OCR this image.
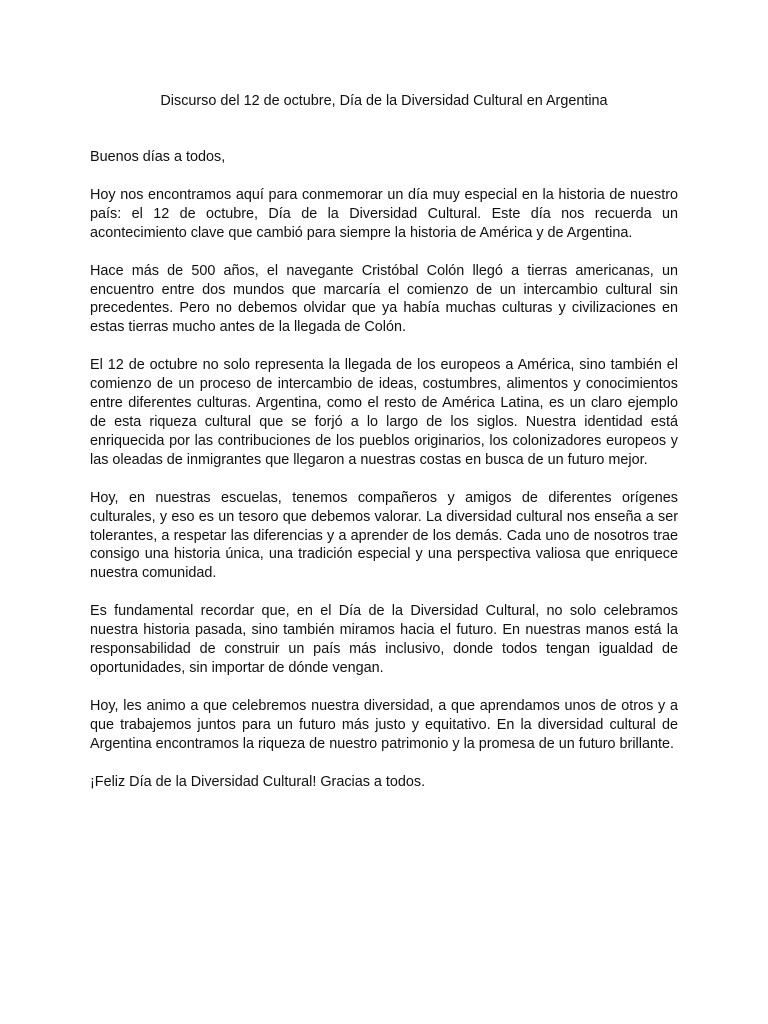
Discurso del 12 de octubre, Día de la Diversidad Cultural en Argentina

Buenos días a todos,

Hoy nos encontramos aquí para conmemorar un día muy especial en la historia de nuestro país: el 12 de octubre, Día de la Diversidad Cultural. Este día nos recuerda un acontecimiento clave que cambió para siempre la historia de América y de Argentina.

Hace más de 500 años, el navegante Cristóbal Colón llegó a tierras americanas, un encuentro entre dos mundos que marcaría el comienzo de un intercambio cultural sin precedentes. Pero no debemos olvidar que ya había muchas culturas y civilizaciones en estas tierras mucho antes de la llegada de Colón.

El 12 de octubre no solo representa la llegada de los europeos a América, sino también el comienzo de un proceso de intercambio de ideas, costumbres, alimentos y conocimientos entre diferentes culturas. Argentina, como el resto de América Latina, es un claro ejemplo de esta riqueza cultural que se forjó a lo largo de los siglos. Nuestra identidad está enriquecida por las contribuciones de los pueblos originarios, los colonizadores europeos y las oleadas de inmigrantes que llegaron a nuestras costas en busca de un futuro mejor.

Hoy, en nuestras escuelas, tenemos compañeros y amigos de diferentes orígenes culturales, y eso es un tesoro que debemos valorar. La diversidad cultural nos enseña a ser tolerantes, a respetar las diferencias y a aprender de los demás. Cada uno de nosotros trae consigo una historia única, una tradición especial y una perspectiva valiosa que enriquece nuestra comunidad.

Es fundamental recordar que, en el Día de la Diversidad Cultural, no solo celebramos nuestra historia pasada, sino también miramos hacia el futuro. En nuestras manos está la responsabilidad de construir un país más inclusivo, donde todos tengan igualdad de oportunidades, sin importar de dónde vengan.

Hoy, les animo a que celebremos nuestra diversidad, a que aprendamos unos de otros y a que trabajemos juntos para un futuro más justo y equitativo. En la diversidad cultural de Argentina encontramos la riqueza de nuestro patrimonio y la promesa de un futuro brillante.

¡Feliz Día de la Diversidad Cultural! Gracias a todos.
